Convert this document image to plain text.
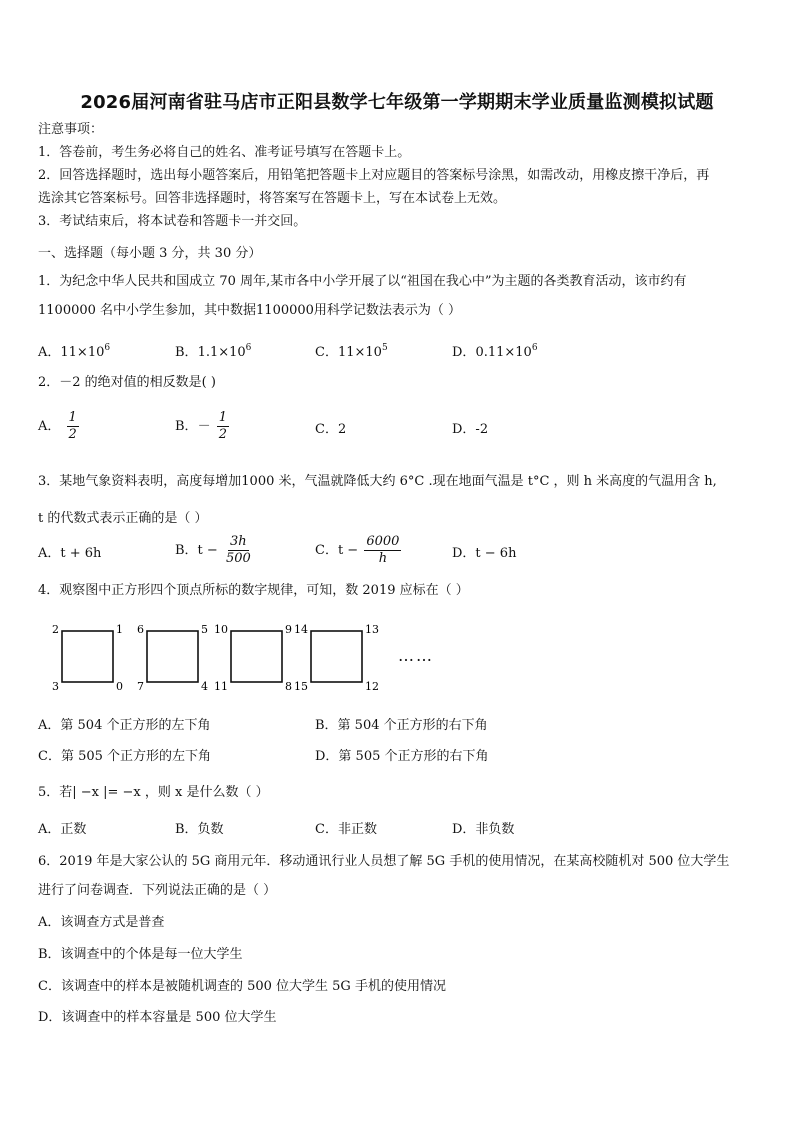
2026届河南省驻马店市正阳县数学七年级第一学期期末学业质量监测模拟试题
注意事项：
1．答卷前，考生务必将自己的姓名、准考证号填写在答题卡上。
2．回答选择题时，选出每小题答案后，用铅笔把答题卡上对应题目的答案标号涂黑，如需改动，用橡皮擦干净后，再
选涂其它答案标号。回答非选择题时，将答案写在答题卡上，写在本试卷上无效。
3．考试结束后，将本试卷和答题卡一并交回。
一、选择题（每小题 3 分，共 30 分）
1．为纪念中华人民共和国成立 70 周年,某市各中小学开展了以“祖国在我心中”为主题的各类教育活动，该市约有
1100000 名中小学生参加，其中数据1100000用科学记数法表示为（ ）
A．$11\times 10^6$	B．$1.1\times 10^6$	C．$11\times 10^5$	D．$0.11\times 10^6$
2．－2 的绝对值的相反数是( )
A． $\frac{1}{2}$	B．－ $\frac{1}{2}$	C．2	D．-2
3．某地气象资料表明，高度每增加1000 米，气温就降低大约 6°C .现在地面气温是 t°C ，则 h 米高度的气温用含 h,
t 的代数式表示正确的是（ ）
A．t + 6h	B．$t - \frac{3h}{500}$	C．$t - \frac{6000}{h}$	D．t − 6h
4．观察图中正方形四个顶点所标的数字规律，可知，数 2019 应标在（ ）
2	1
3	0
6	5
7	4
10	9
11	8
14	13
15	12
……
A．第 504 个正方形的左下角	B．第 504 个正方形的右下角
C．第 505 个正方形的左下角	D．第 505 个正方形的右下角
5．若| −x |= −x ，则 x 是什么数（ ）
A．正数	B．负数	C．非正数	D．非负数
6．2019 年是大家公认的 5G 商用元年．移动通讯行业人员想了解 5G 手机的使用情况，在某高校随机对 500 位大学生
进行了问卷调查．下列说法正确的是（ ）
A．该调查方式是普查
B．该调查中的个体是每一位大学生
C．该调查中的样本是被随机调查的 500 位大学生 5G 手机的使用情况
D．该调查中的样本容量是 500 位大学生
